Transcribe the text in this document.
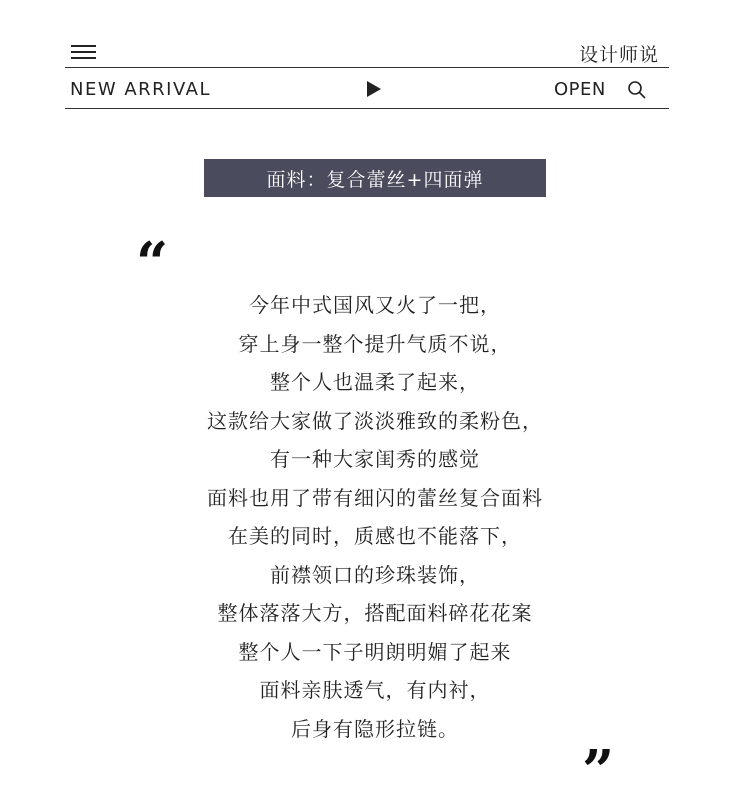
设计师说
NEW ARRIVAL	OPEN
面料：复合蕾丝+四面弹
“
今年中式国风又火了一把，
穿上身一整个提升气质不说，
整个人也温柔了起来，
这款给大家做了淡淡雅致的柔粉色，
有一种大家闺秀的感觉
面料也用了带有细闪的蕾丝复合面料
在美的同时，质感也不能落下，
前襟领口的珍珠装饰，
整体落落大方，搭配面料碎花花案
整个人一下子明朗明媚了起来
面料亲肤透气，有内衬，
后身有隐形拉链。
”
